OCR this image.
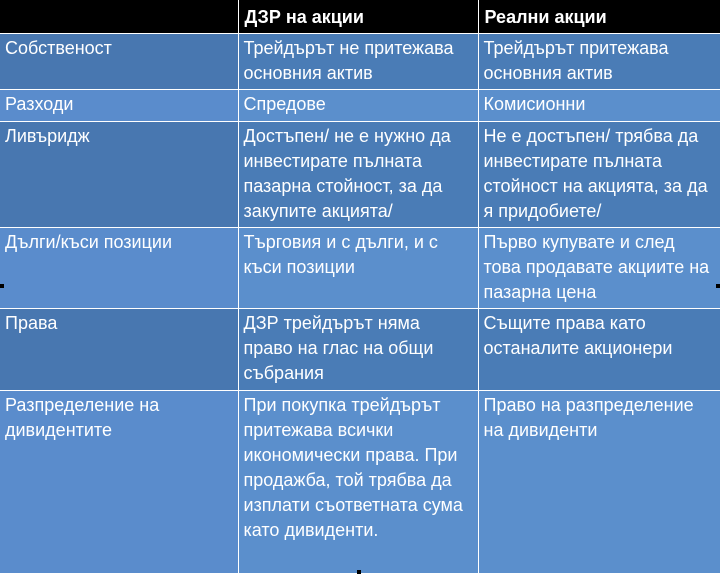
	ДЗР на акции	Реални акции
Собственост	Трейдърът не притежава основния актив	Трейдърът притежава основния актив
Разходи	Спредове	Комисионни
Ливъридж	Достъпен/ не е нужно да инвестирате пълната пазарна стойност, за да закупите акцията/	Не е достъпен/ трябва да инвестирате пълната стойност на акцията, за да я придобиете/
Дълги/къси позиции	Търговия и с дълги, и с къси позиции	Първо купувате и след това продавате акциите на пазарна цена
Права	ДЗР трейдърът няма право на глас на общи събрания	Същите права като останалите акционери
Разпределение на дивидентите	При покупка трейдърът притежава всички икономически права. При продажба, той трябва да изплати съответната сума като дивиденти.	Право на разпределение на дивиденти
